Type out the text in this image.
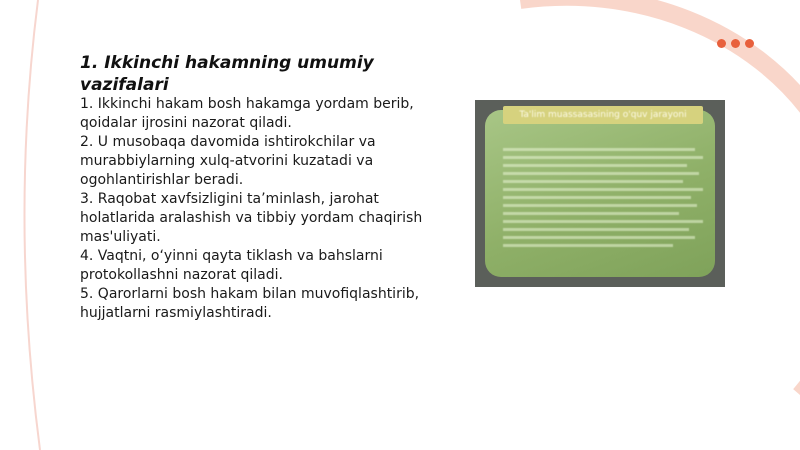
1. Ikkinchi hakamning umumiy vazifalari
1. Ikkinchi hakam bosh hakamga yordam berib, qoidalar ijrosini nazorat qiladi.
2. U musobaqa davomida ishtirokchilar va murabbiylarning xulq-atvorini kuzatadi va ogohlantirishlar beradi.
3. Raqobat xavfsizligini ta’minlash, jarohat holatlarida aralashish va tibbiy yordam chaqirish mas'uliyati.
4. Vaqtni, o‘yinni qayta tiklash va bahslarni protokollashni nazorat qiladi.
5. Qarorlarni bosh hakam bilan muvofiqlashtirib, hujjatlarni rasmiylashtiradi.
Ta'lim muassasasining o'quv jarayoni
